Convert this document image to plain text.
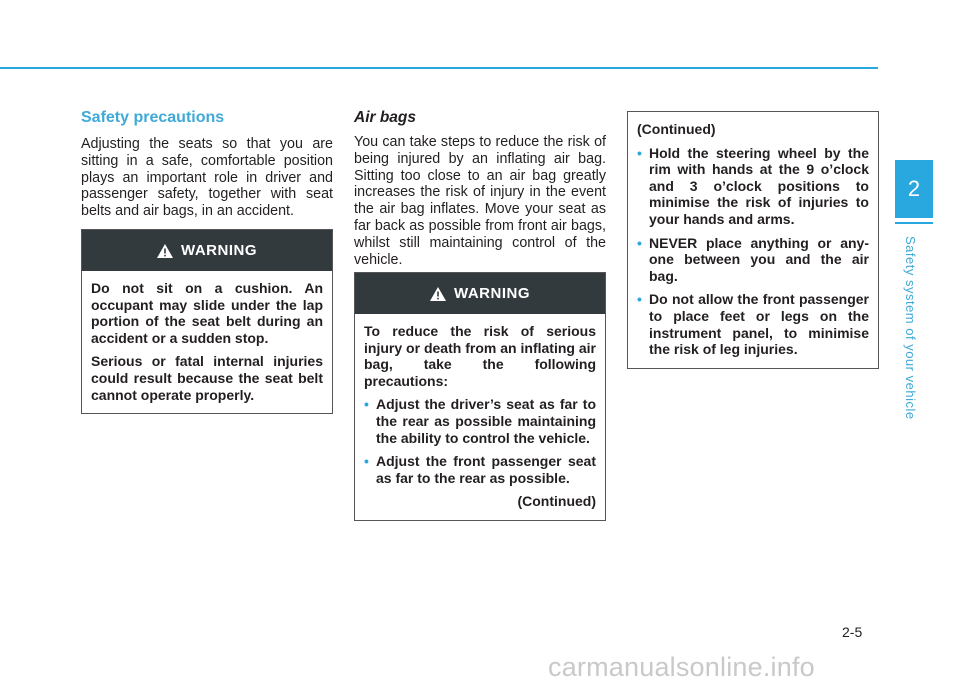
Safety precautions

Adjusting the seats so that you are sitting in a safe, comfortable position plays an important role in driver and passenger safety, together with seat belts and air bags, in an accident.

WARNING

Do not sit on a cushion. An occupant may slide under the lap portion of the seat belt during an accident or a sudden stop.

Serious or fatal internal injuries could result because the seat belt cannot operate properly.

Air bags

You can take steps to reduce the risk of being injured by an inflating air bag. Sitting too close to an air bag greatly increases the risk of injury in the event the air bag inflates. Move your seat as far back as possible from front air bags, whilst still maintaining control of the vehicle.

WARNING

To reduce the risk of serious injury or death from an inflating air bag, take the following precautions:

• Adjust the driver’s seat as far to the rear as possible maintaining the ability to control the vehicle.
• Adjust the front passenger seat as far to the rear as possible.
(Continued)

(Continued)

• Hold the steering wheel by the rim with hands at the 9 o’clock and 3 o’clock positions to minimise the risk of injuries to your hands and arms.
• NEVER place anything or any-one between you and the air bag.
• Do not allow the front passenger to place feet or legs on the instrument panel, to minimise the risk of leg injuries.
2
Safety system of your vehicle
2-5
carmanualsonline.info
